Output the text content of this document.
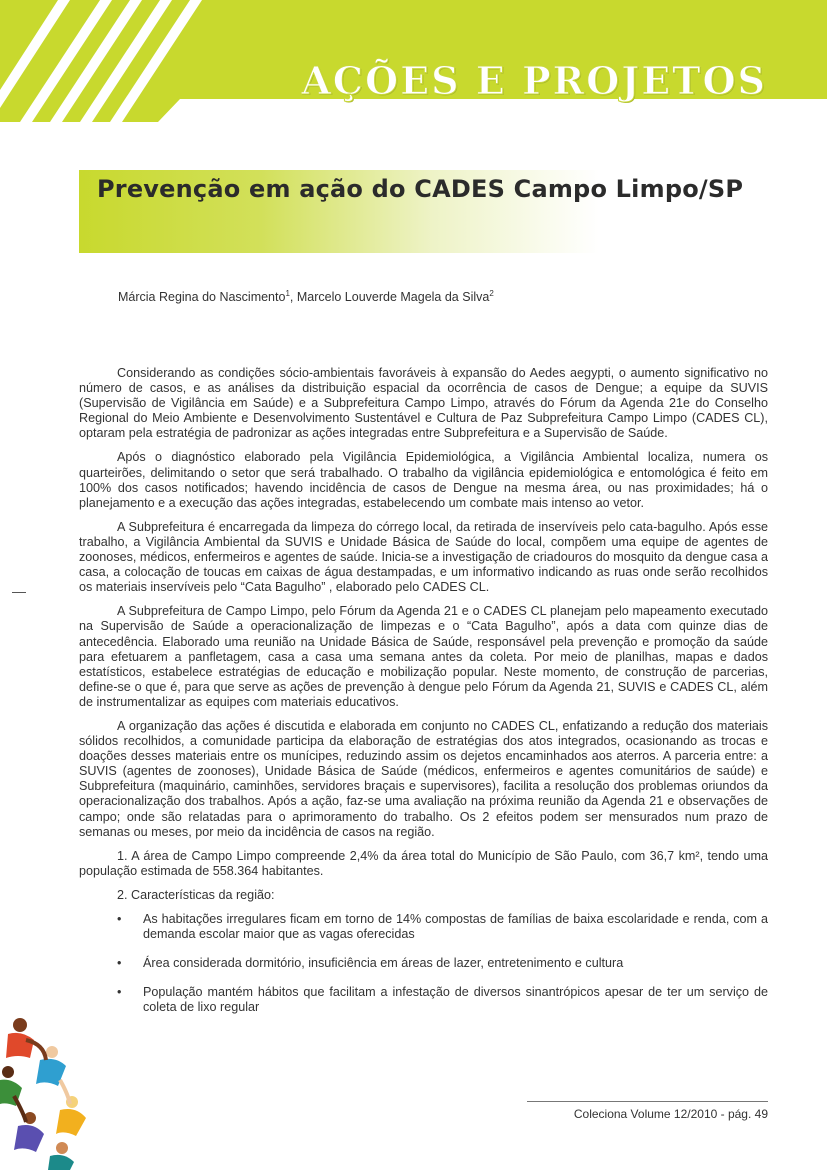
AÇÕES E PROJETOS
Prevenção em ação do CADES Campo Limpo/SP
Márcia Regina do Nascimento$^1$, Marcelo Louverde Magela da Silva$^2$

Considerando as condições sócio-ambientais favoráveis à expansão do Aedes aegypti, o aumento significativo no número de casos, e as análises da distribuição espacial da ocorrência de casos de Dengue; a equipe da SUVIS (Supervisão de Vigilância em Saúde) e a Subprefeitura Campo Limpo, através do Fórum da Agenda 21e do Conselho Regional do Meio Ambiente e Desenvolvimento Sustentável e Cultura de Paz Subprefeitura Campo Limpo (CADES CL), optaram pela estratégia de padronizar as ações integradas entre Subprefeitura e a Supervisão de Saúde.

Após o diagnóstico elaborado pela Vigilância Epidemiológica, a Vigilância Ambiental localiza, numera os quarteirões, delimitando o setor que será trabalhado. O trabalho da vigilância epidemiológica e entomológica é feito em 100% dos casos notificados; havendo incidência de casos de Dengue na mesma área, ou nas proximidades; há o planejamento e a execução das ações integradas, estabelecendo um combate mais intenso ao vetor.

A Subprefeitura é encarregada da limpeza do córrego local, da retirada de inservíveis pelo cata-bagulho. Após esse trabalho, a Vigilância Ambiental da SUVIS e Unidade Básica de Saúde do local, compõem uma equipe de agentes de zoonoses, médicos, enfermeiros e agentes de saúde. Inicia-se a investigação de criadouros do mosquito da dengue casa a casa, a colocação de toucas em caixas de água destampadas, e um informativo indicando as ruas onde serão recolhidos os materiais inservíveis pelo “Cata Bagulho” , elaborado pelo CADES CL.

A Subprefeitura de Campo Limpo, pelo Fórum da Agenda 21 e o CADES CL planejam pelo mapeamento executado na Supervisão de Saúde a operacionalização de limpezas e o “Cata Bagulho”, após a data com quinze dias de antecedência. Elaborado uma reunião na Unidade Básica de Saúde, responsável pela prevenção e promoção da saúde para efetuarem a panfletagem, casa a casa uma semana antes da coleta. Por meio de planilhas, mapas e dados estatísticos, estabelece estratégias de educação e mobilização popular. Neste momento, de construção de parcerias, define-se o que é, para que serve as ações de prevenção à dengue pelo Fórum da Agenda 21, SUVIS e CADES CL, além de instrumentalizar as equipes com materiais educativos.

A organização das ações é discutida e elaborada em conjunto no CADES CL, enfatizando a redução dos materiais sólidos recolhidos, a comunidade participa da elaboração de estratégias dos atos integrados, ocasionando as trocas e doações desses materiais entre os munícipes, reduzindo assim os dejetos encaminhados aos aterros. A parceria entre: a SUVIS (agentes de zoonoses), Unidade Básica de Saúde (médicos, enfermeiros e agentes comunitários de saúde) e Subprefeitura (maquinário, caminhões, servidores braçais e supervisores), facilita a resolução dos problemas oriundos da operacionalização dos trabalhos. Após a ação, faz-se uma avaliação na próxima reunião da Agenda 21 e observações de campo; onde são relatadas para o aprimoramento do trabalho. Os 2 efeitos podem ser mensurados num prazo de semanas ou meses, por meio da incidência de casos na região.

1. A área de Campo Limpo compreende 2,4% da área total do Município de São Paulo, com 36,7 km², tendo uma população estimada de 558.364 habitantes.

2. Características da região:

• As habitações irregulares ficam em torno de 14% compostas de famílias de baixa escolaridade e renda, com a demanda escolar maior que as vagas oferecidas
• Área considerada dormitório, insuficiência em áreas de lazer, entretenimento e cultura
• População mantém hábitos que facilitam a infestação de diversos sinantrópicos apesar de ter um serviço de coleta de lixo regular
Coleciona Volume 12/2010 - pág. 49
